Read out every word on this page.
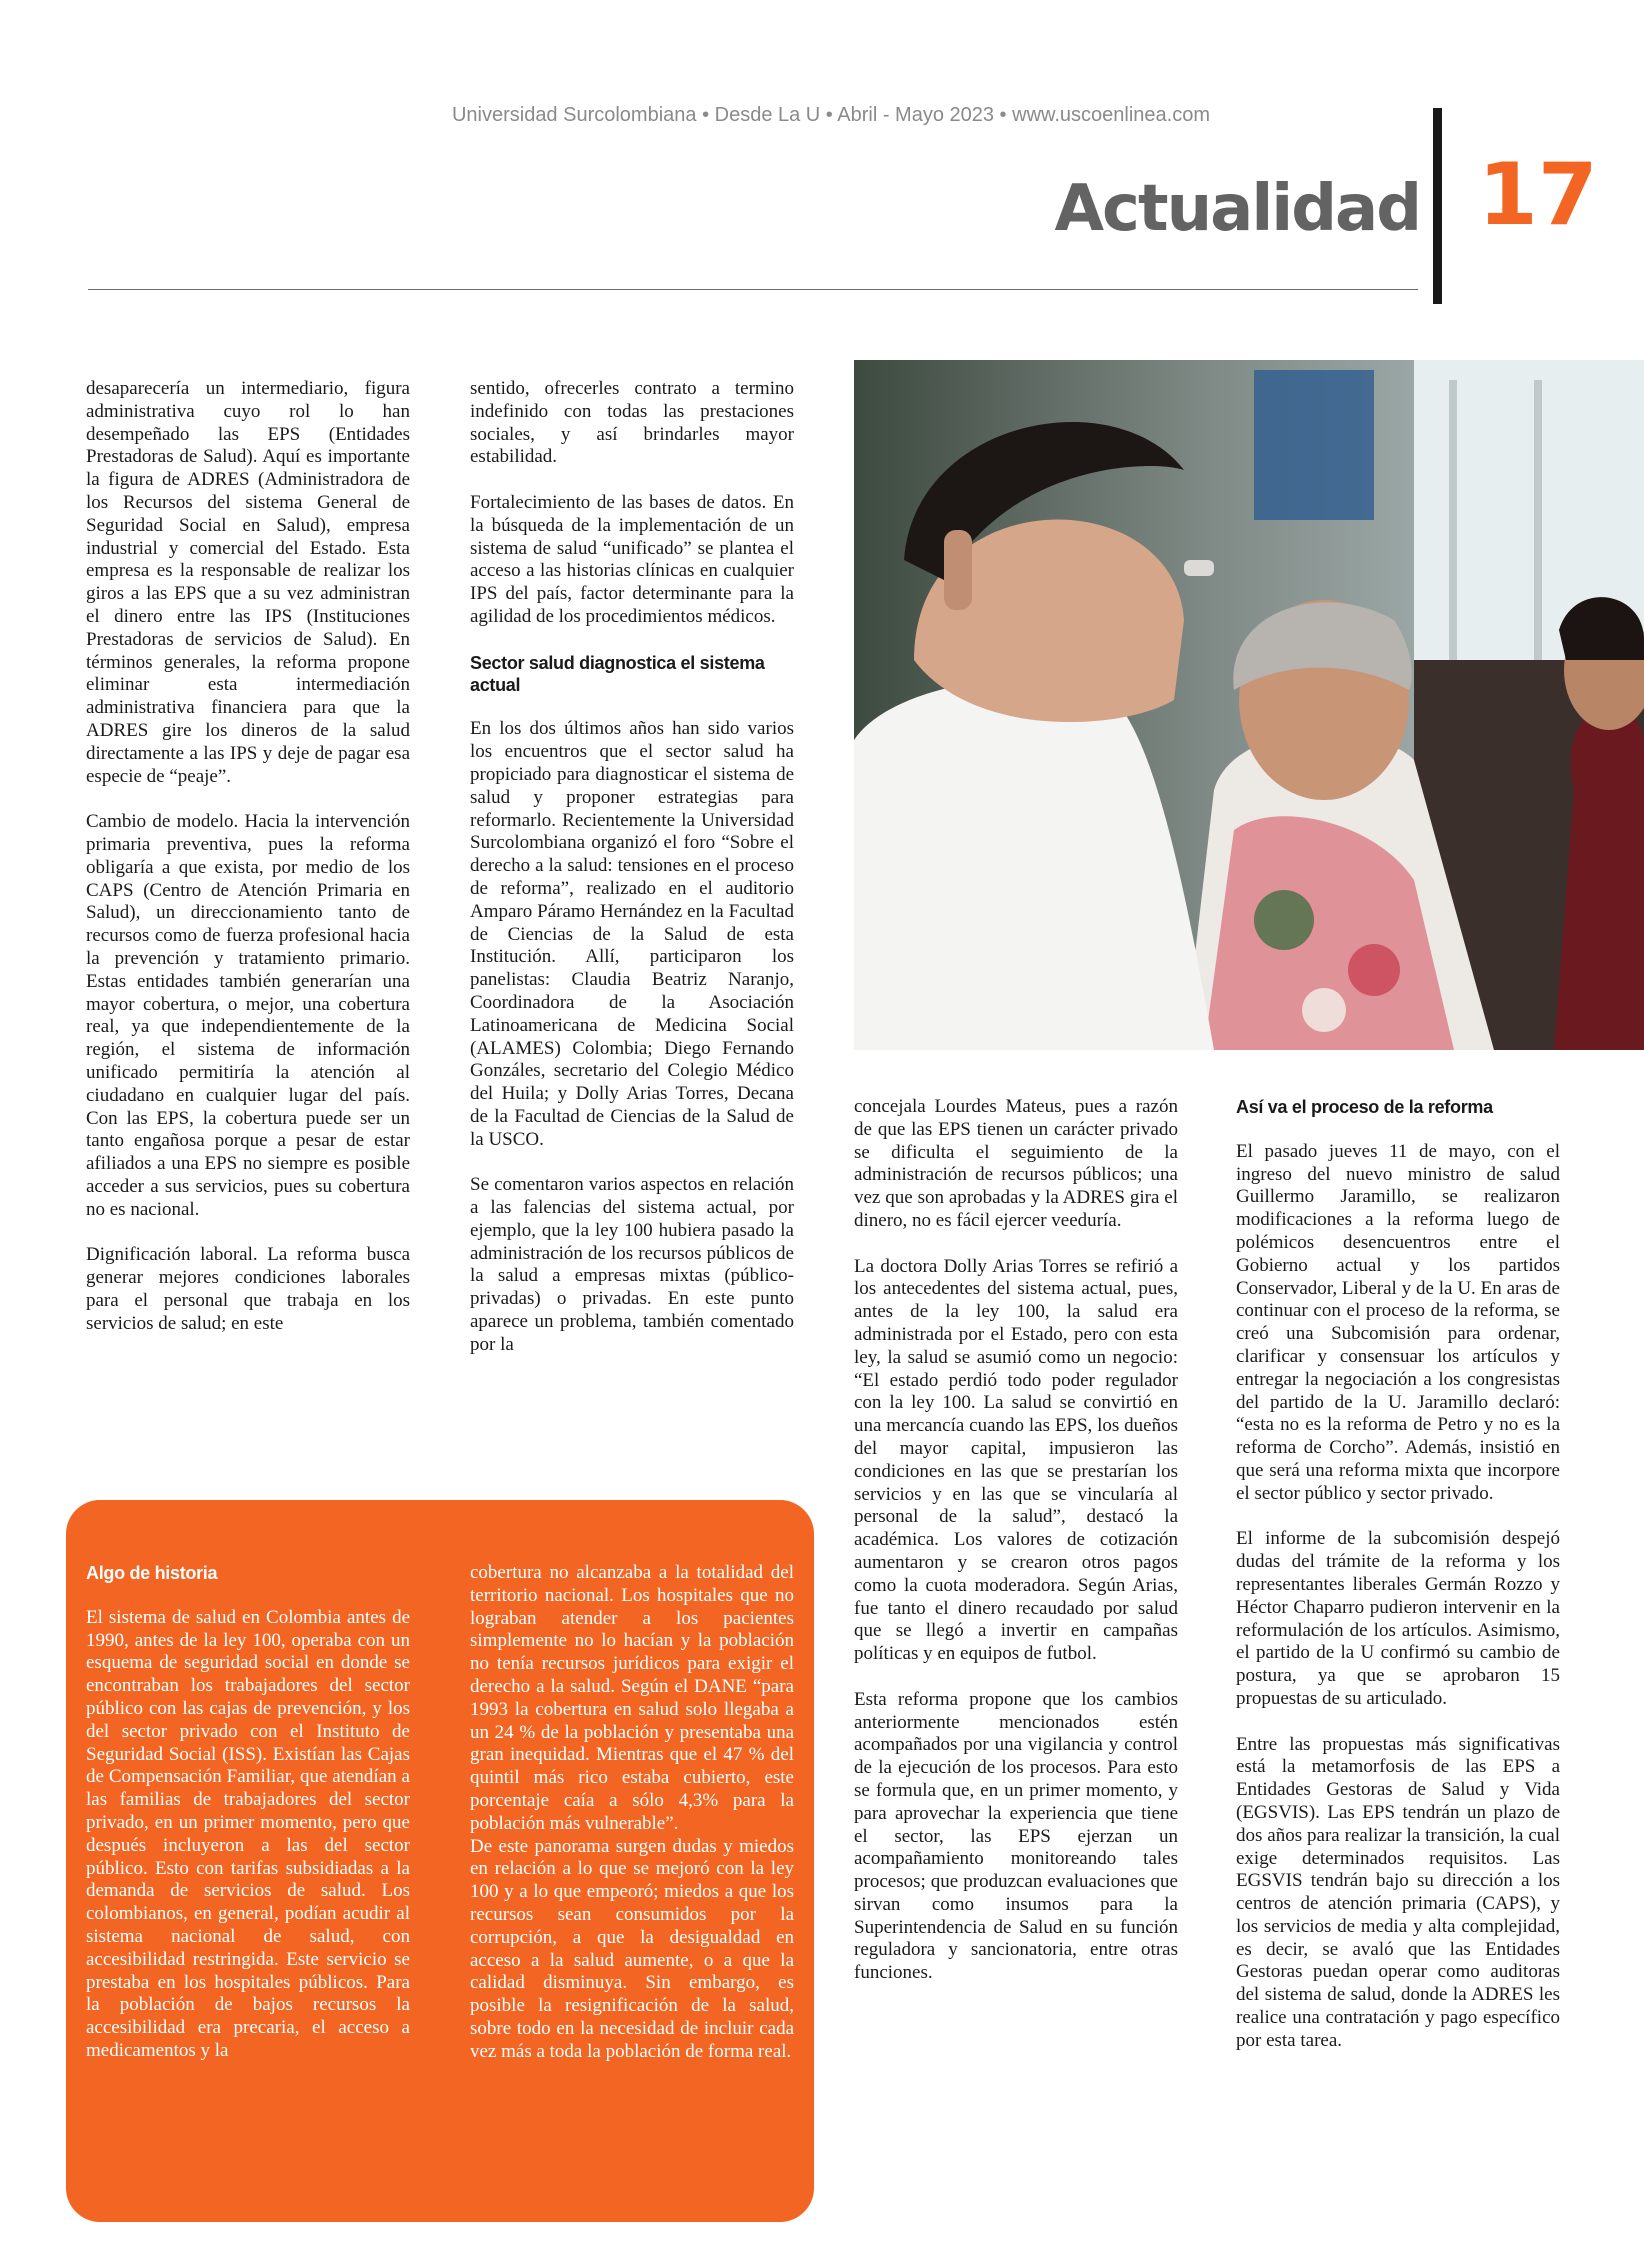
Universidad Surcolombiana • Desde La U • Abril - Mayo 2023 • www.uscoenlinea.com
Actualidad 17

desaparecería un intermediario, figura administrativa cuyo rol lo han desempeñado las EPS (Entidades Prestadoras de Salud). Aquí es importante la figura de ADRES (Administradora de los Recursos del sistema General de Seguridad Social en Salud), empresa industrial y comercial del Estado. Esta empresa es la responsable de realizar los giros a las EPS que a su vez administran el dinero entre las IPS (Instituciones Prestadoras de servicios de Salud). En términos generales, la reforma propone eliminar esta intermediación administrativa financiera para que la ADRES gire los dineros de la salud directamente a las IPS y deje de pagar esa especie de “peaje”.

Cambio de modelo. Hacia la intervención primaria preventiva, pues la reforma obligaría a que exista, por medio de los CAPS (Centro de Atención Primaria en Salud), un direccionamiento tanto de recursos como de fuerza profesional hacia la prevención y tratamiento primario. Estas entidades también generarían una mayor cobertura, o mejor, una cobertura real, ya que independientemente de la región, el sistema de información unificado permitiría la atención al ciudadano en cualquier lugar del país. Con las EPS, la cobertura puede ser un tanto engañosa porque a pesar de estar afiliados a una EPS no siempre es posible acceder a sus servicios, pues su cobertura no es nacional.

Dignificación laboral. La reforma busca generar mejores condiciones laborales para el personal que trabaja en los servicios de salud; en este

sentido, ofrecerles contrato a termino indefinido con todas las prestaciones sociales, y así brindarles mayor estabilidad.

Fortalecimiento de las bases de datos. En la búsqueda de la implementación de un sistema de salud “unificado” se plantea el acceso a las historias clínicas en cualquier IPS del país, factor determinante para la agilidad de los procedimientos médicos.

Sector salud diagnostica el sistema actual

En los dos últimos años han sido varios los encuentros que el sector salud ha propiciado para diagnosticar el sistema de salud y proponer estrategias para reformarlo. Recientemente la Universidad Surcolombiana organizó el foro “Sobre el derecho a la salud: tensiones en el proceso de reforma”, realizado en el auditorio Amparo Páramo Hernández en la Facultad de Ciencias de la Salud de esta Institución. Allí, participaron los panelistas: Claudia Beatriz Naranjo, Coordinadora de la Asociación Latinoamericana de Medicina Social (ALAMES) Colombia; Diego Fernando Gonzáles, secretario del Colegio Médico del Huila; y Dolly Arias Torres, Decana de la Facultad de Ciencias de la Salud de la USCO.

Se comentaron varios aspectos en relación a las falencias del sistema actual, por ejemplo, que la ley 100 hubiera pasado la administración de los recursos públicos de la salud a empresas mixtas (público-privadas) o privadas. En este punto aparece un problema, también comentado por la

concejala Lourdes Mateus, pues a razón de que las EPS tienen un carácter privado se dificulta el seguimiento de la administración de recursos públicos; una vez que son aprobadas y la ADRES gira el dinero, no es fácil ejercer veeduría.

La doctora Dolly Arias Torres se refirió a los antecedentes del sistema actual, pues, antes de la ley 100, la salud era administrada por el Estado, pero con esta ley, la salud se asumió como un negocio: “El estado perdió todo poder regulador con la ley 100. La salud se convirtió en una mercancía cuando las EPS, los dueños del mayor capital, impusieron las condiciones en las que se prestarían los servicios y en las que se vincularía al personal de la salud”, destacó la académica. Los valores de cotización aumentaron y se crearon otros pagos como la cuota moderadora. Según Arias, fue tanto el dinero recaudado por salud que se llegó a invertir en campañas políticas y en equipos de futbol.

Esta reforma propone que los cambios anteriormente mencionados estén acompañados por una vigilancia y control de la ejecución de los procesos. Para esto se formula que, en un primer momento, y para aprovechar la experiencia que tiene el sector, las EPS ejerzan un acompañamiento monitoreando tales procesos; que produzcan evaluaciones que sirvan como insumos para la Superintendencia de Salud en su función reguladora y sancionatoria, entre otras funciones.

Así va el proceso de la reforma

El pasado jueves 11 de mayo, con el ingreso del nuevo ministro de salud Guillermo Jaramillo, se realizaron modificaciones a la reforma luego de polémicos desencuentros entre el Gobierno actual y los partidos Conservador, Liberal y de la U. En aras de continuar con el proceso de la reforma, se creó una Subcomisión para ordenar, clarificar y consensuar los artículos y entregar la negociación a los congresistas del partido de la U. Jaramillo declaró: “esta no es la reforma de Petro y no es la reforma de Corcho”. Además, insistió en que será una reforma mixta que incorpore el sector público y sector privado.

El informe de la subcomisión despejó dudas del trámite de la reforma y los representantes liberales Germán Rozzo y Héctor Chaparro pudieron intervenir en la reformulación de los artículos. Asimismo, el partido de la U confirmó su cambio de postura, ya que se aprobaron 15 propuestas de su articulado.

Entre las propuestas más significativas está la metamorfosis de las EPS a Entidades Gestoras de Salud y Vida (EGSVIS). Las EPS tendrán un plazo de dos años para realizar la transición, la cual exige determinados requisitos. Las EGSVIS tendrán bajo su dirección a los centros de atención primaria (CAPS), y los servicios de media y alta complejidad, es decir, se avaló que las Entidades Gestoras puedan operar como auditoras del sistema de salud, donde la ADRES les realice una contratación y pago específico por esta tarea.

Algo de historia

El sistema de salud en Colombia antes de 1990, antes de la ley 100, operaba con un esquema de seguridad social en donde se encontraban los trabajadores del sector público con las cajas de prevención, y los del sector privado con el Instituto de Seguridad Social (ISS). Existían las Cajas de Compensación Familiar, que atendían a las familias de trabajadores del sector privado, en un primer momento, pero que después incluyeron a las del sector público. Esto con tarifas subsidiadas a la demanda de servicios de salud. Los colombianos, en general, podían acudir al sistema nacional de salud, con accesibilidad restringida. Este servicio se prestaba en los hospitales públicos. Para la población de bajos recursos la accesibilidad era precaria, el acceso a medicamentos y la

cobertura no alcanzaba a la totalidad del territorio nacional. Los hospitales que no lograban atender a los pacientes simplemente no lo hacían y la población no tenía recursos jurídicos para exigir el derecho a la salud. Según el DANE “para 1993 la cobertura en salud solo llegaba a un 24 % de la población y presentaba una gran inequidad. Mientras que el 47 % del quintil más rico estaba cubierto, este porcentaje caía a sólo 4,3% para la población más vulnerable”.

De este panorama surgen dudas y miedos en relación a lo que se mejoró con la ley 100 y a lo que empeoró; miedos a que los recursos sean consumidos por la corrupción, a que la desigualdad en acceso a la salud aumente, o a que la calidad disminuya. Sin embargo, es posible la resignificación de la salud, sobre todo en la necesidad de incluir cada vez más a toda la población de forma real.
